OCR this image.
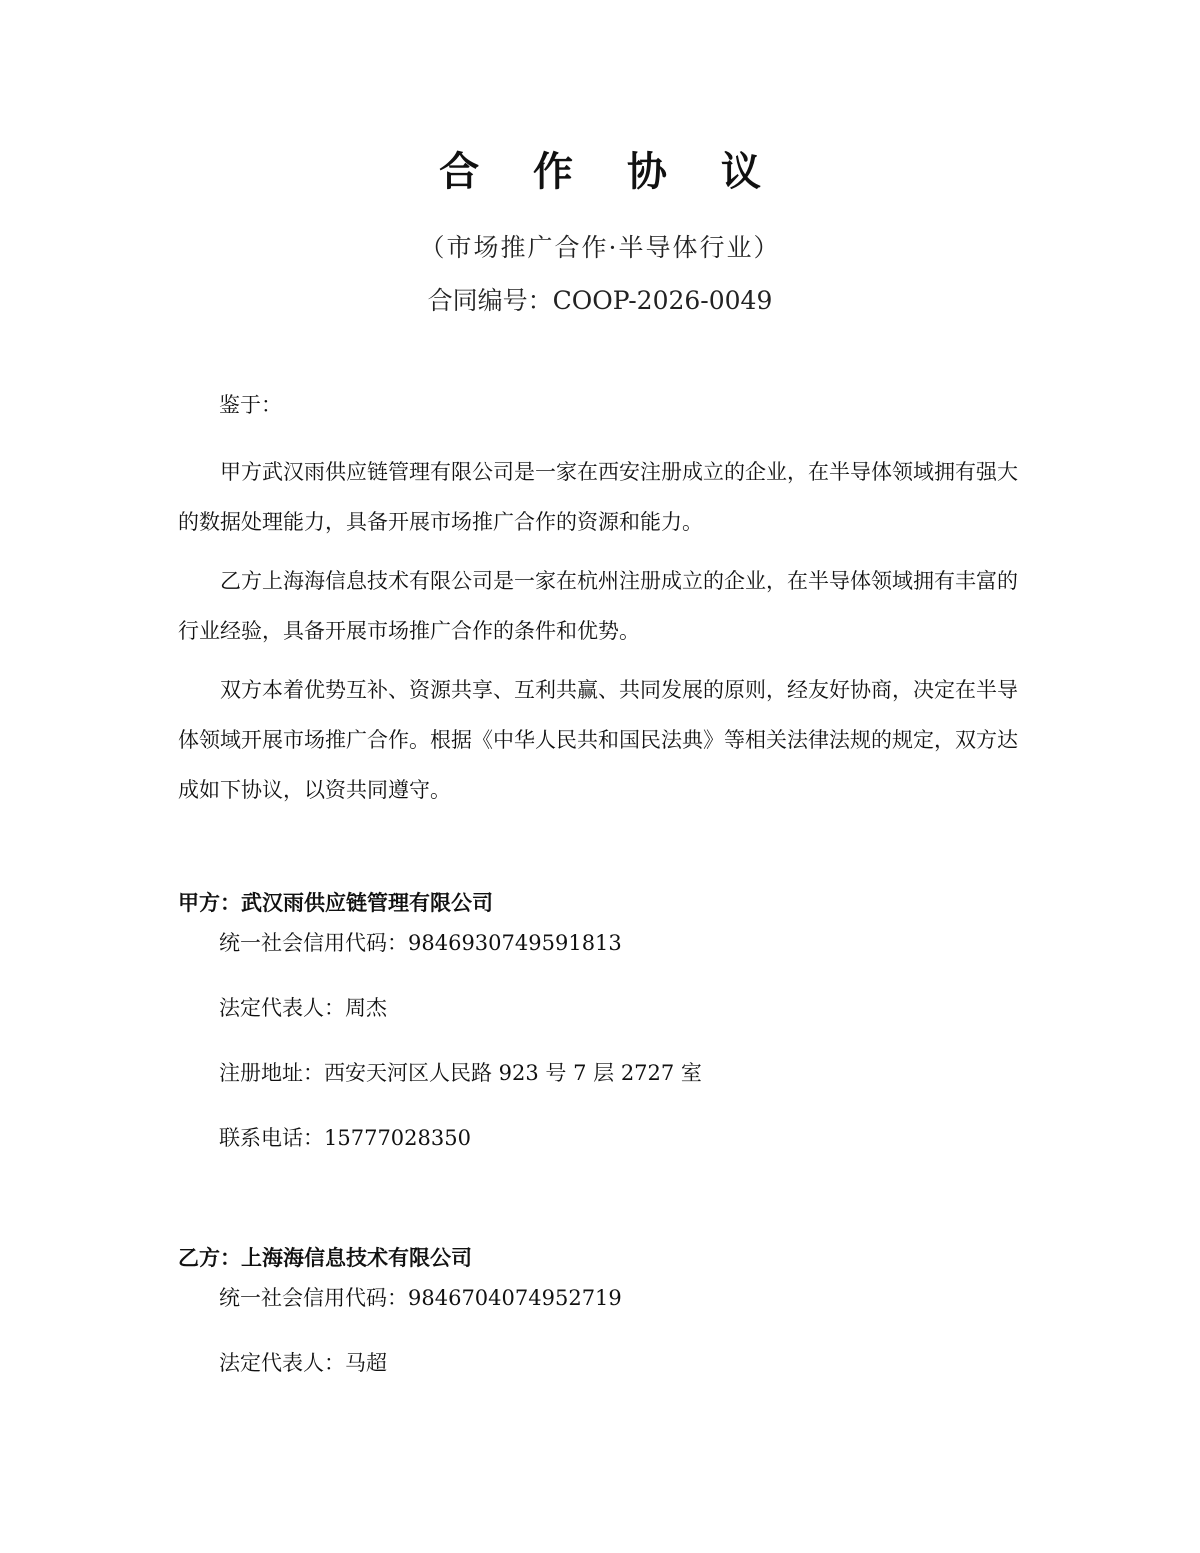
合 作 协 议
（市场推广合作·半导体行业）
合同编号：COOP-2026-0049
鉴于：

甲方武汉雨供应链管理有限公司是一家在西安注册成立的企业，在半导体领域拥有强大的数据处理能力，具备开展市场推广合作的资源和能力。

乙方上海海信息技术有限公司是一家在杭州注册成立的企业，在半导体领域拥有丰富的行业经验，具备开展市场推广合作的条件和优势。

双方本着优势互补、资源共享、互利共赢、共同发展的原则，经友好协商，决定在半导体领域开展市场推广合作。根据《中华人民共和国民法典》等相关法律法规的规定，双方达成如下协议，以资共同遵守。

甲方：武汉雨供应链管理有限公司
统一社会信用代码：9846930749591813
法定代表人：周杰
注册地址：西安天河区人民路 923 号 7 层 2727 室
联系电话：15777028350
乙方：上海海信息技术有限公司
统一社会信用代码：9846704074952719
法定代表人：马超
